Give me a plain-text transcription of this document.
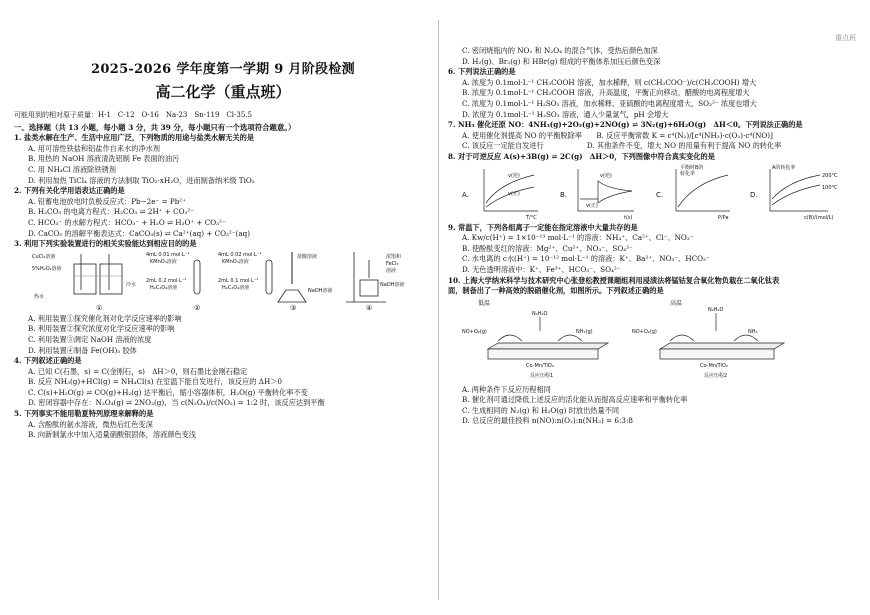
重点班
2025-2026 学年度第一学期 9 月阶段检测
高二化学（重点班）
可能用到的相对原子质量：H-1　C-12　O-16　Na-23　Sn-119　Cl-35.5
一、选择题（共 13 小题，每小题 3 分，共 39 分，每小题只有一个选项符合题意。）
1. 盐类水解在生产、生活中应用广泛，下列物质的用途与盐类水解无关的是
A. 用可溶性铁盐和铝盐作自来水的净水剂
B. 用热的 NaOH 溶液清洗铝制 Fe 表面的油污
C. 用 NH₄Cl 溶液除铁锈剂
D. 利用加热 TiCl₄ 溶液的方法制取 TiO₂·xH₂O，进而制备纳米级 TiO₂
2. 下列有关化学用语表达正确的是
A. 铅蓄电池放电时负极反应式：Pb−2e⁻ = Pb²⁺
B. H₂CO₃ 的电离方程式：H₂CO₃ ⇌ 2H⁺ + CO₃²⁻
C. HCO₃⁻ 的水解方程式：HCO₃⁻ + H₂O ⇌ H₃O⁺ + CO₃²⁻
D. CaCO₃ 的溶解平衡表达式：CaCO₃(s) ⇌ Ca²⁺(aq) + CO₃²⁻(aq)
3. 利用下列实验装置进行的相关实验能达到相应目的的是
CuCl₂溶液
5%H₂O₂溶液
热水
冷水
①
4mL 0.01 mol·L⁻¹
KMnO₄溶液
2mL 0.2 mol·L⁻¹
H₂C₂O₄溶液
②
4mL 0.02 mol·L⁻¹
KMnO₄溶液
2mL 0.1 mol·L⁻¹
H₂C₂O₄溶液
盐酸溶液
NaOH溶液
③
浓饱和
FeCl₃
溶液
NaOH溶液
④
A. 利用装置①探究催化剂对化学反应速率的影响
B. 利用装置②探究浓度对化学反应速率的影响
C. 利用装置③测定 NaOH 溶液的浓度
D. 利用装置④制备 Fe(OH)₃ 胶体
4. 下列叙述正确的是
A. 已知 C(石墨，s) = C(金刚石，s)　ΔH＞0，则石墨比金刚石稳定
B. 反应 NH₃(g)+HCl(g) = NH₄Cl(s) 在室温下能自发进行，该反应的 ΔH＞0
C. C(s)+H₂O(g) ⇌ CO(g)+H₂(g) 达平衡后，缩小容器体积，H₂O(g) 平衡转化率不变
D. 密闭容器中存在：N₂O₄(g) ⇌ 2NO₂(g)，当 c(N₂O₄)/c(NO₂) = 1:2 时，该反应达到平衡
5. 下列事实不能用勒夏特列原理来解释的是
A. 含酚酞的氨水溶液，微热后红色变深
B. 向新制氯水中加入适量硝酸银固体，溶液颜色变浅
C. 密闭烧瓶内的 NO₂ 和 N₂O₄ 的混合气体，受热后颜色加深
D. H₂(g)、Br₂(g) 和 HBr(g) 组成的平衡体系加压后颜色变深
6. 下列说法正确的是
A. 浓度为 0.1mol·L⁻¹ CH₃COOH 溶液，加水稀释，则 c(CH₃COO⁻)/c(CH₃COOH) 增大
B. 浓度为 0.1mol·L⁻¹ CH₃COOH 溶液，升高温度，平衡正向移动，醋酸的电离程度增大
C. 浓度为 0.1mol·L⁻¹ H₂SO₃ 溶液，加水稀释，亚硫酸的电离程度增大，SO₃²⁻ 浓度也增大
D. 浓度为 0.1mol·L⁻¹ H₂SO₃ 溶液，通入少量氯气，pH 会增大
7. NH₃ 催化还原 NO：4NH₃(g)+2O₂(g)+2NO(g) ⇌ 3N₂(g)+6H₂O(g)　ΔH＜0。下列说法正确的是
A. 使用催化剂提高 NO 的平衡脱除率　　B. 反应平衡常数 K = c⁴(N₂)/[c⁴(NH₃)·c(O₂)·c⁴(NO)]
C. 该反应一定能自发进行　　　　　　D. 其他条件不变，增大 NO 的用量有利于提高 NO 的转化率
8. 对于可逆反应 A(s)+3B(g) ⇌ 2C(g)　ΔH＞0，下列图像中符合真实变化的是
A.
v(逆)
v(正)
T/°C
B.
v(逆)
v(正)
t(s)
C.
平衡时B的
转化率
P/Pa
D.
A的转化率
200°C
100°C
c(B)/(mol/L)
9. 常温下，下列各组离子一定能在指定溶液中大量共存的是
A. Kw/c(H⁺) = 1×10⁻¹³ mol·L⁻¹ 的溶液：NH₄⁺、Ca²⁺、Cl⁻、NO₃⁻
B. 使酚酞变红的溶液：Mg²⁺、Cu²⁺、NO₃⁻、SO₄²⁻
C. 水电离的 c水(H⁺) = 10⁻¹² mol·L⁻¹ 的溶液：K⁺、Ba²⁺、NO₃⁻、HCO₃⁻
D. 无色透明溶液中：K⁺、Fe³⁺、HCO₃⁻、SO₄²⁻
10. 上海大学纳米科学与技术研究中心张登松教授课题组利用浸渍法将锰钴复合氧化物负载在二氧化钛表
面，制备出了一种高效的脱硝催化剂，如图所示。下列叙述正确的是
低温	高温
N₂H₂O
NO+O₂(g)	NH₃(g)
Co-Mn/TiO₂
反应历程1
N₂H₂O
NO+O₂(g)	NH₃
Co-Mn/TiO₂
反应历程2
A. 两种条件下反应历程相同
B. 催化剂可通过降低上述反应的活化能从而提高反应速率和平衡转化率
C. 生成相同的 N₂(g) 和 H₂O(g) 时放出热量不同
D. 总反应的最佳投料 n(NO):n(O₂):n(NH₃) = 6:3:8
